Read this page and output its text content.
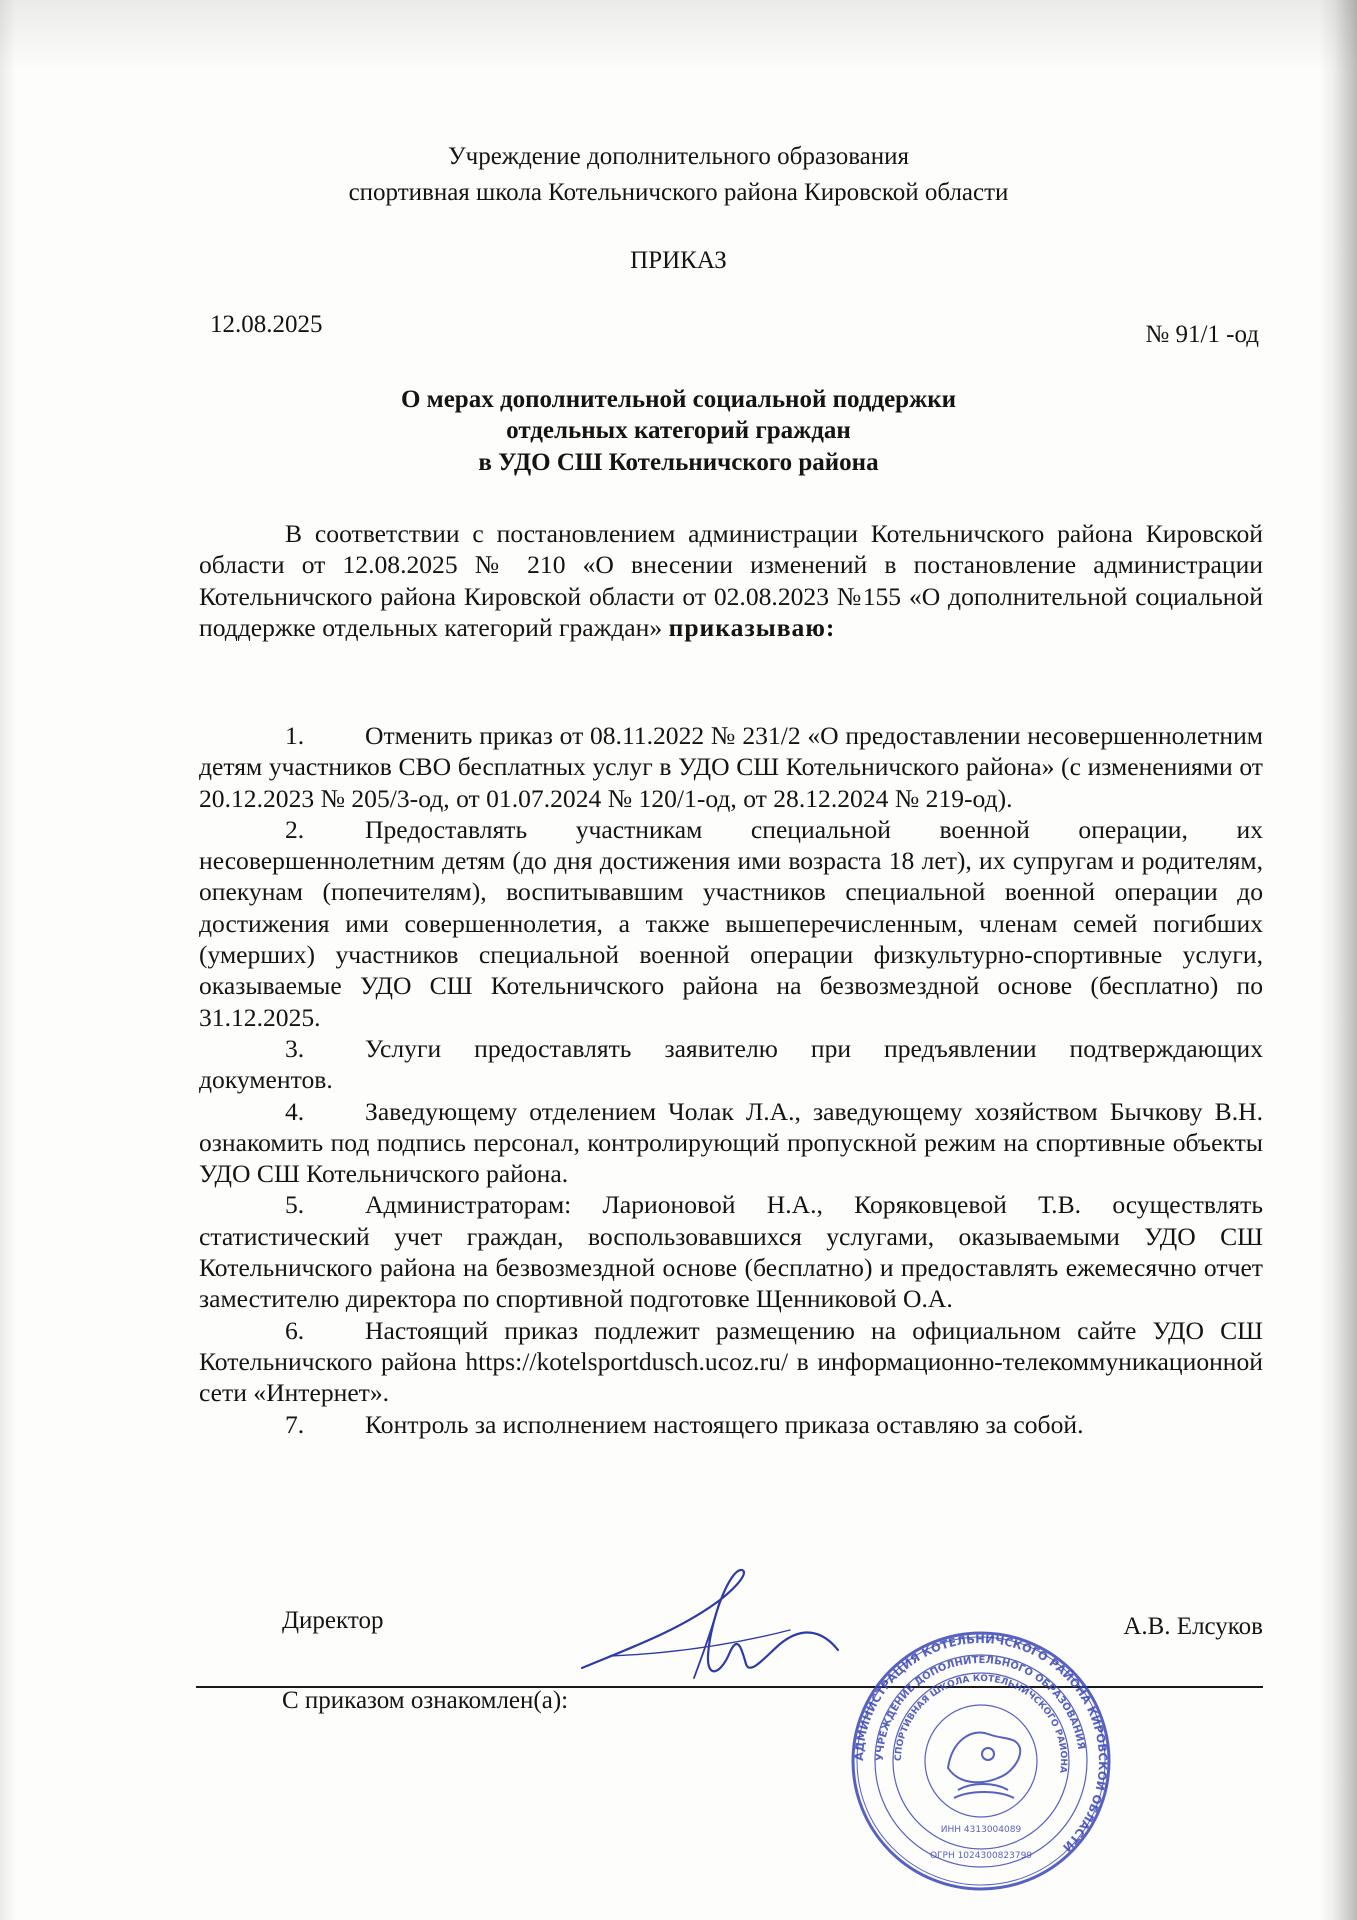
Учреждение дополнительного образования
спортивная школа Котельничского района Кировской области
ПРИКАЗ
12.08.2025	№ 91/1 -од
О мерах дополнительной социальной поддержки
отдельных категорий граждан
в УДО СШ Котельничского района

В соответствии с постановлением администрации Котельничского района Кировской области от 12.08.2025 № 210 «О внесении изменений в постановление администрации Котельничского района Кировской области от 02.08.2023 №155 «О дополнительной социальной поддержке отдельных категорий граждан» приказываю:

1. Отменить приказ от 08.11.2022 № 231/2 «О предоставлении несовершеннолетним детям участников СВО бесплатных услуг в УДО СШ Котельничского района» (с изменениями от 20.12.2023 № 205/3-од, от 01.07.2024 № 120/1-од, от 28.12.2024 № 219-од).
2. Предоставлять участникам специальной военной операции, их несовершеннолетним детям (до дня достижения ими возраста 18 лет), их супругам и родителям, опекунам (попечителям), воспитывавшим участников специальной военной операции до достижения ими совершеннолетия, а также вышеперечисленным, членам семей погибших (умерших) участников специальной военной операции физкультурно-спортивные услуги, оказываемые УДО СШ Котельничского района на безвозмездной основе (бесплатно) по 31.12.2025.
3. Услуги предоставлять заявителю при предъявлении подтверждающих документов.
4. Заведующему отделением Чолак Л.А., заведующему хозяйством Бычкову В.Н. ознакомить под подпись персонал, контролирующий пропускной режим на спортивные объекты УДО СШ Котельничского района.
5. Администраторам: Ларионовой Н.А., Коряковцевой Т.В. осуществлять статистический учет граждан, воспользовавшихся услугами, оказываемыми УДО СШ Котельничского района на безвозмездной основе (бесплатно) и предоставлять ежемесячно отчет заместителю директора по спортивной подготовке Щенниковой О.А.
6. Настоящий приказ подлежит размещению на официальном сайте УДО СШ Котельничского района https://kotelsportdusch.ucoz.ru/ в информационно-телекоммуникационной сети «Интернет».
7. Контроль за исполнением настоящего приказа оставляю за собой.
Директор	А.В. Елсуков
С приказом ознакомлен(а):
АДМИНИСТРАЦИЯ КОТЕЛЬНИЧСКОГО РАЙОНА КИРОВСКОЙ ОБЛАСТИ
УЧРЕЖДЕНИЕ ДОПОЛНИТЕЛЬНОГО ОБРАЗОВАНИЯ
СПОРТИВНАЯ ШКОЛА КОТЕЛЬНИЧСКОГО РАЙОНА
ОГРН 1024300823799
ИНН 4313004089
